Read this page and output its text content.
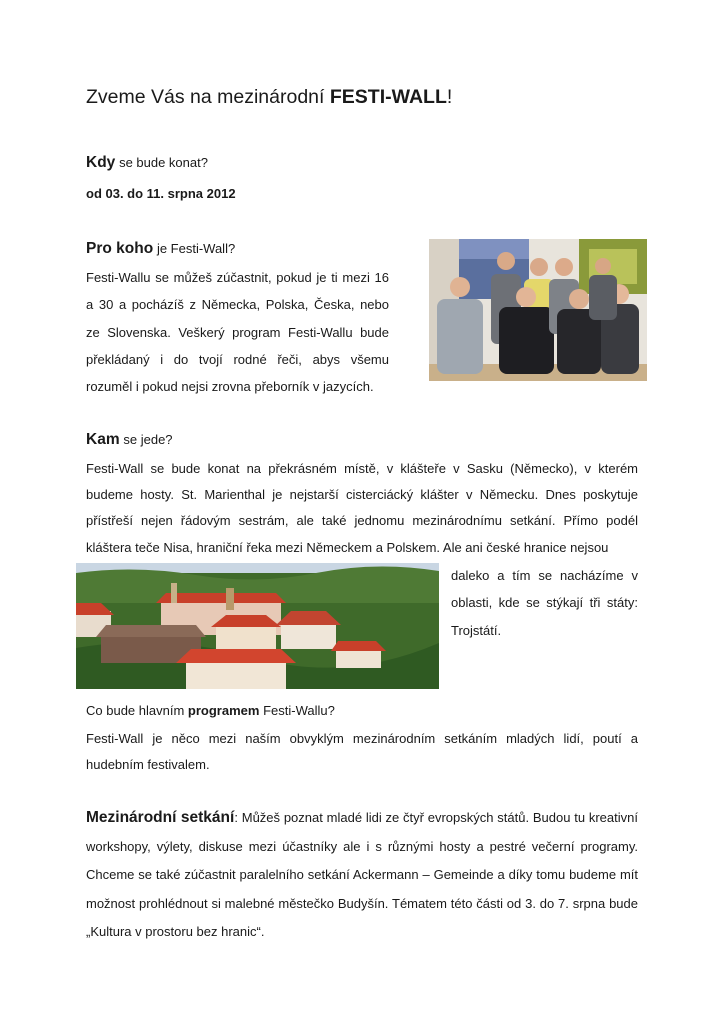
Zveme Vás na mezinárodní FESTI-WALL!
Kdy se bude konat?
od 03. do 11. srpna 2012
Pro koho je Festi-Wall?
Festi-Wallu se můžeš zúčastnit, pokud je ti mezi 16 a 30 a pocházíš z Německa, Polska, Česka, nebo ze Slovenska. Veškerý program Festi-Wallu bude překládaný i do tvojí rodné řeči, abys všemu rozuměl i pokud nejsi zrovna přeborník v jazycích.
Kam se jede?
Festi-Wall se bude konat na překrásném místě, v klášteře v Sasku (Německo), v kterém budeme hosty. St. Marienthal je nejstarší cisterciácký klášter v Německu. Dnes poskytuje přístřeší nejen řádovým sestrám, ale také jednomu mezinárodnímu setkání. Přímo podél kláštera teče Nisa, hraniční řeka mezi Německem a Polskem. Ale ani české hranice nejsou
daleko a tím se nacházíme v oblasti, kde se stýkají tři státy: Trojstátí.
Co bude hlavním programem Festi-Wallu?
Festi-Wall je něco mezi naším obvyklým mezinárodním setkáním mladých lidí, poutí a hudebním festivalem.
Mezinárodní setkání: Můžeš poznat mladé lidi ze čtyř evropských států. Budou tu kreativní workshopy, výlety, diskuse mezi účastníky ale i s různými hosty a pestré večerní programy. Chceme se také zúčastnit paralelního setkání Ackermann – Gemeinde a díky tomu budeme mít možnost prohlédnout si malebné městečko Budyšín. Tématem této části od 3. do 7. srpna bude „Kultura v prostoru bez hranic“.
